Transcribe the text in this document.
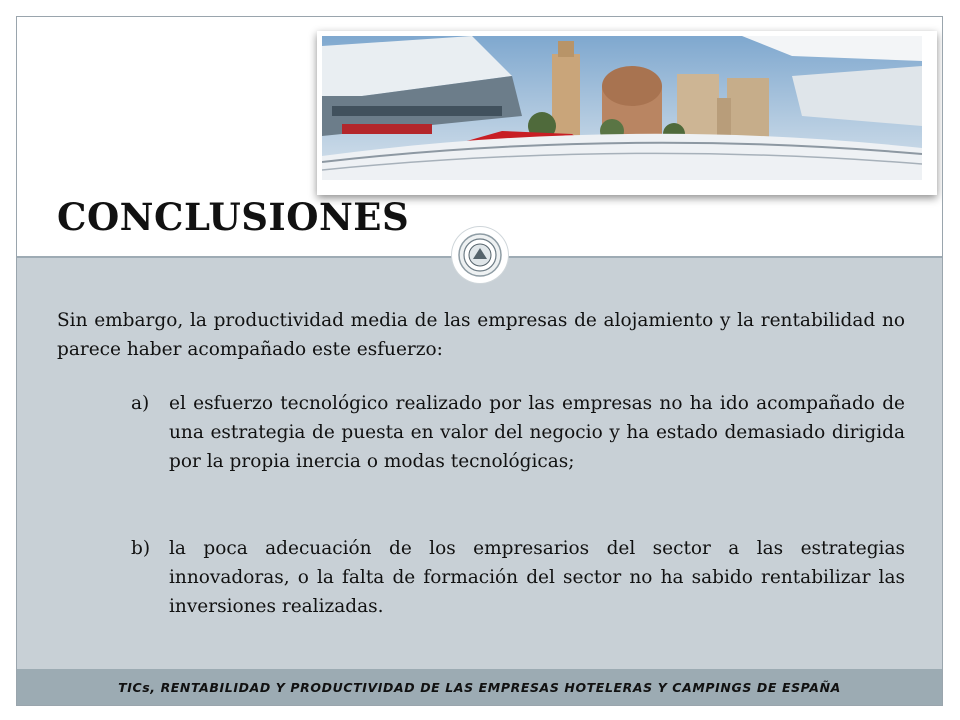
CONCLUSIONES

Sin embargo, la productividad media de las empresas de alojamiento y la rentabilidad no parece haber acompañado este esfuerzo:

a)	el esfuerzo tecnológico realizado por las empresas no ha ido acompañado de una estrategia de puesta en valor del negocio y ha estado demasiado dirigida por la propia inercia o modas tecnológicas;

b)	la poca adecuación de los empresarios del sector a las estrategias innovadoras, o la falta de formación del sector no ha sabido rentabilizar las inversiones realizadas.

TICs, RENTABILIDAD Y PRODUCTIVIDAD DE LAS EMPRESAS HOTELERAS Y CAMPINGS DE ESPAÑA
